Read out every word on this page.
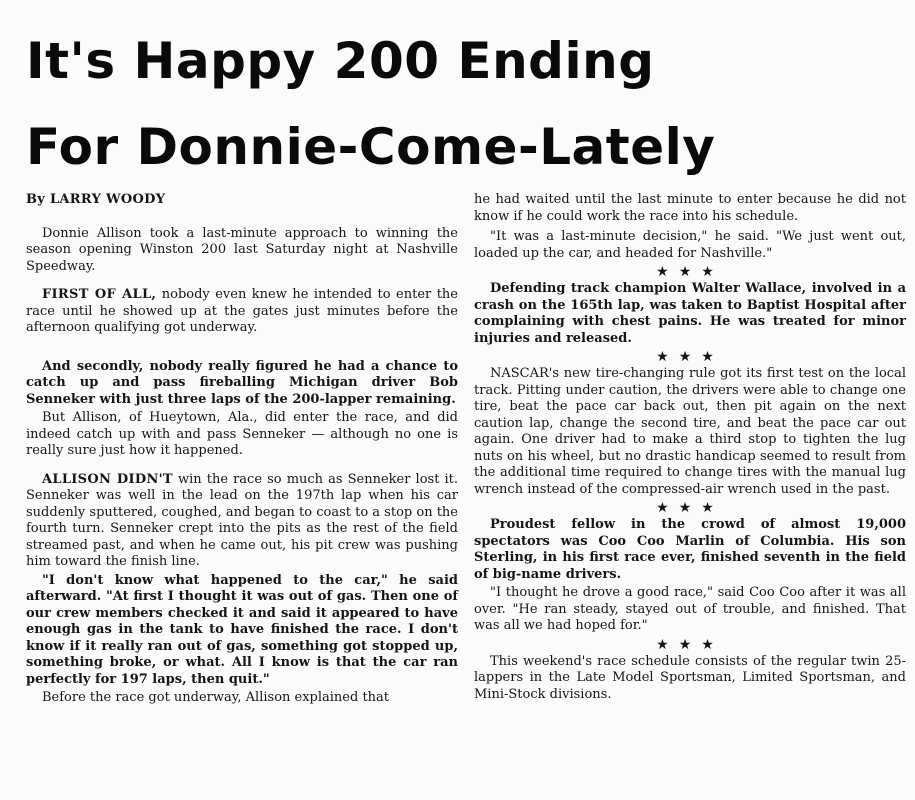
It's Happy 200 Ending
For Donnie-Come-Lately
By LARRY WOODY

Donnie Allison took a last-minute approach to winning the season opening Winston 200 last Saturday night at Nashville Speedway.

FIRST OF ALL, nobody even knew he intended to enter the race until he showed up at the gates just minutes before the afternoon qualifying got underway.

And secondly, nobody really figured he had a chance to catch up and pass fireballing Michigan driver Bob Senneker with just three laps of the 200-lapper remaining.

But Allison, of Hueytown, Ala., did enter the race, and did indeed catch up with and pass Senneker — although no one is really sure just how it happened.

ALLISON DIDN'T win the race so much as Senneker lost it. Senneker was well in the lead on the 197th lap when his car suddenly sputtered, coughed, and began to coast to a stop on the fourth turn. Senneker crept into the pits as the rest of the field streamed past, and when he came out, his pit crew was pushing him toward the finish line.

"I don't know what happened to the car," he said afterward. "At first I thought it was out of gas. Then one of our crew members checked it and said it appeared to have enough gas in the tank to have finished the race. I don't know if it really ran out of gas, something got stopped up, something broke, or what. All I know is that the car ran perfectly for 197 laps, then quit."

Before the race got underway, Allison explained that

he had waited until the last minute to enter because he did not know if he could work the race into his schedule.

"It was a last-minute decision," he said. "We just went out, loaded up the car, and headed for Nashville."

★★★

Defending track champion Walter Wallace, involved in a crash on the 165th lap, was taken to Baptist Hospital after complaining with chest pains. He was treated for minor injuries and released.

★★★

NASCAR's new tire-changing rule got its first test on the local track. Pitting under caution, the drivers were able to change one tire, beat the pace car back out, then pit again on the next caution lap, change the second tire, and beat the pace car out again. One driver had to make a third stop to tighten the lug nuts on his wheel, but no drastic handicap seemed to result from the additional time required to change tires with the manual lug wrench instead of the compressed-air wrench used in the past.

★★★

Proudest fellow in the crowd of almost 19,000 spectators was Coo Coo Marlin of Columbia. His son Sterling, in his first race ever, finished seventh in the field of big-name drivers.

"I thought he drove a good race," said Coo Coo after it was all over. "He ran steady, stayed out of trouble, and finished. That was all we had hoped for."

★★★

This weekend's race schedule consists of the regular twin 25-lappers in the Late Model Sportsman, Limited Sportsman, and Mini-Stock divisions.
